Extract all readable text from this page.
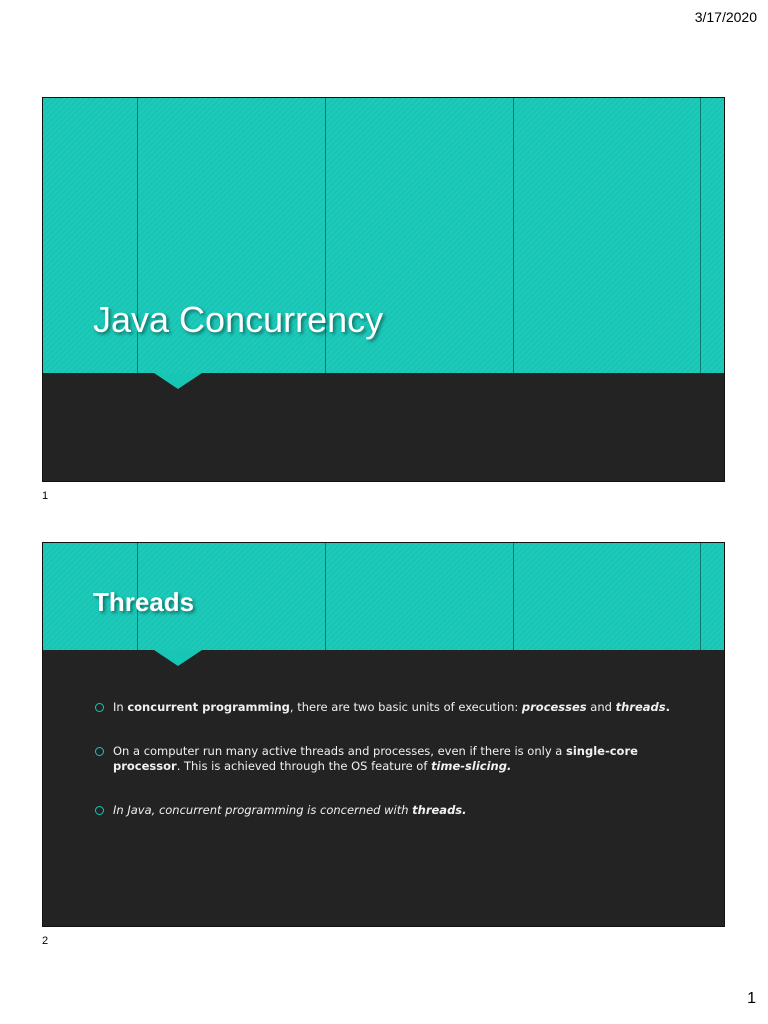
3/17/2020
Java Concurrency
1
Threads
In concurrent programming, there are two basic units of execution: processes and threads.
On a computer run many active threads and processes, even if there is only a single-core processor. This is achieved through the OS feature of time-slicing.
In Java, concurrent programming is concerned with threads.
2
1
